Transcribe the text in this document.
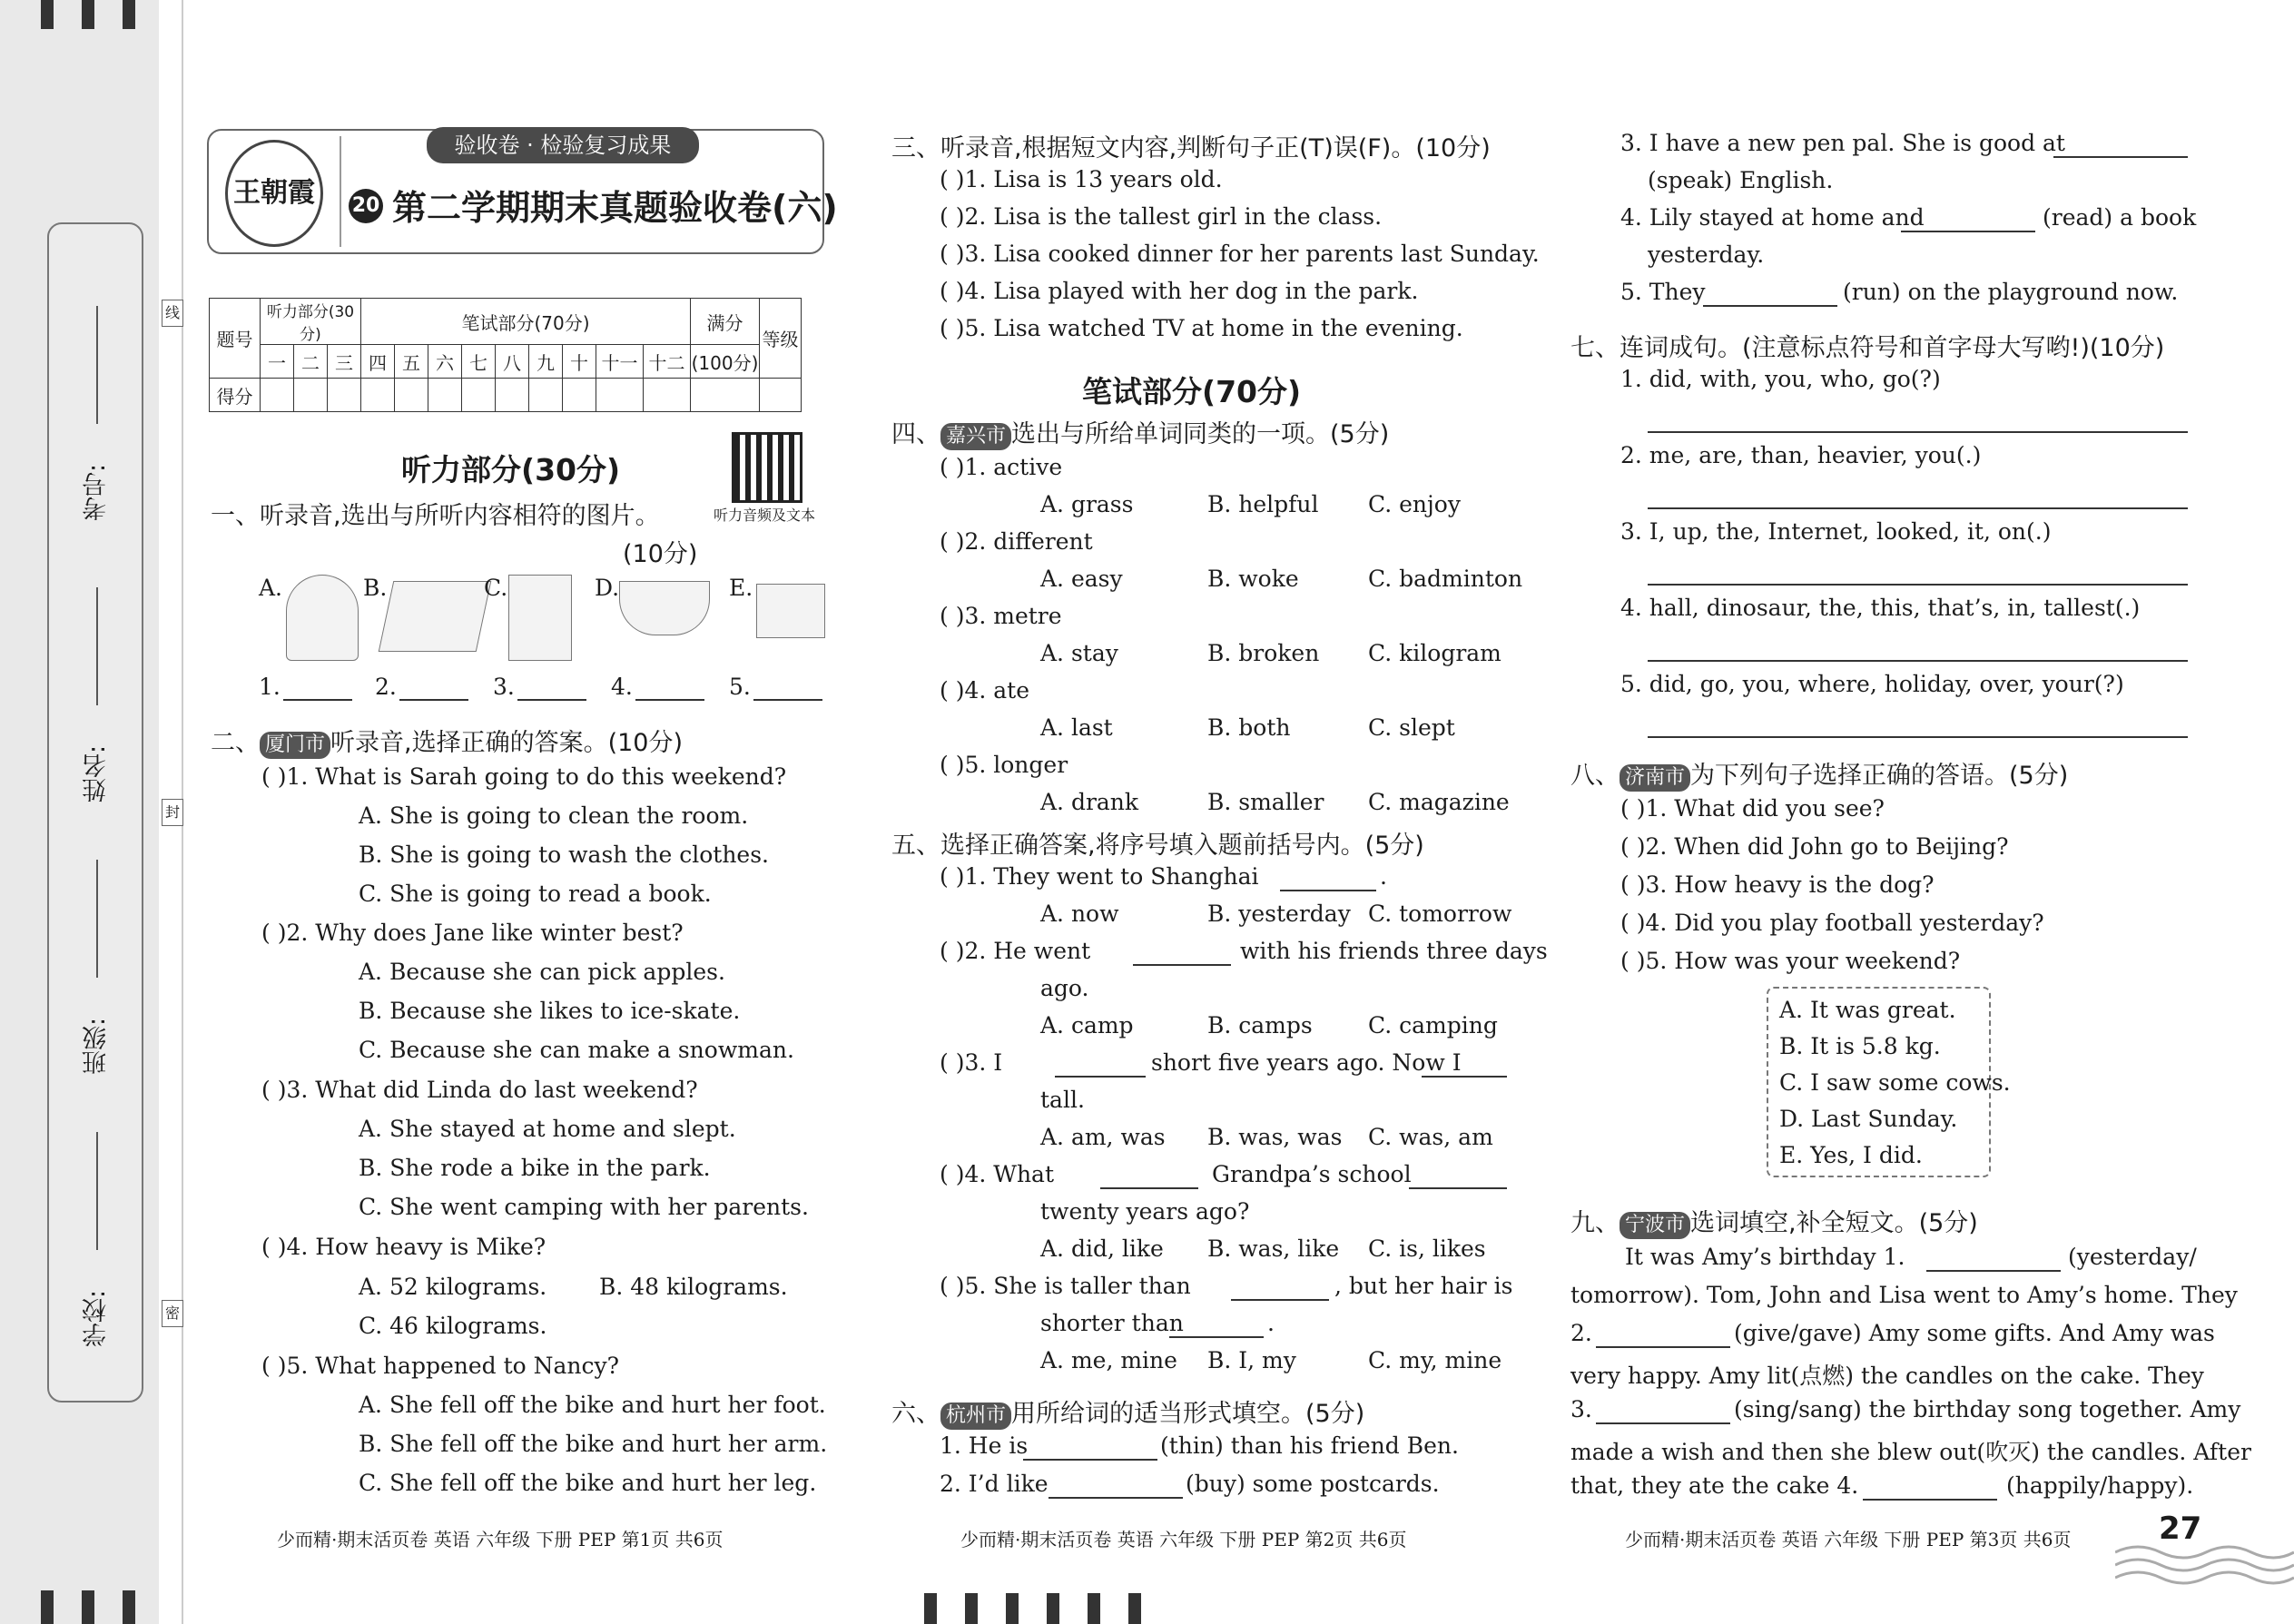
考号:
姓名:
班级:
学校:
线
封
密
验收卷 · 检验复习成果
王朝霞	20 第二学期期末真题验收卷(六)
题号	听力部分(30分)			笔试部分(70分)									满分	等级
	一	二	三	四	五	六	七	八	九	十	十一	十二	(100分)	
得分														
听力部分(30分)
听力音频及文本
一、听录音,选出与所听内容相符的图片。
(10分)
A.	B.	C.	D.	E.
1.	2.	3.	4.	5.
二、 厦门市 听录音,选择正确的答案。(10分)
( )1. What is Sarah going to do this weekend?
A. She is going to clean the room.
B. She is going to wash the clothes.
C. She is going to read a book.
( )2. Why does Jane like winter best?
A. Because she can pick apples.
B. Because she likes to ice-skate.
C. Because she can make a snowman.
( )3. What did Linda do last weekend?
A. She stayed at home and slept.
B. She rode a bike in the park.
C. She went camping with her parents.
( )4. How heavy is Mike?
A. 52 kilograms. B. 48 kilograms.
C. 46 kilograms.
( )5. What happened to Nancy?
A. She fell off the bike and hurt her foot.
B. She fell off the bike and hurt her arm.
C. She fell off the bike and hurt her leg.
少而精·期末活页卷 英语 六年级 下册 PEP 第1页 共6页
三、听录音,根据短文内容,判断句子正(T)误(F)。(10分)
( )1. Lisa is 13 years old.
( )2. Lisa is the tallest girl in the class.
( )3. Lisa cooked dinner for her parents last Sunday.
( )4. Lisa played with her dog in the park.
( )5. Lisa watched TV at home in the evening.
笔试部分(70分)
四、 嘉兴市 选出与所给单词同类的一项。(5分)
( )1. active
A. grass	B. helpful C. enjoy
( )2. different
A. easy	B. woke	C. badminton
( )3. metre
A. stay	B. broken C. kilogram
( )4. ate
A. last	B. both	C. slept
( )5. longer
A. drank	B. smaller C. magazine
五、选择正确答案,将序号填入题前括号内。(5分)
( )1. They went to Shanghai	.
A. now	B. yesterday C. tomorrow
( )2. He went	with his friends three days
ago.
A. camp	B. camps C. camping
( )3. I	short five years ago. Now I
tall.
A. am, was B. was, was C. was, am
( )4. What	Grandpa’s school
twenty years ago?
A. did, like B. was, like C. is, likes
( )5. She is taller than	, but her hair is
shorter than	.
A. me, mine B. I, my	C. my, mine
六、 杭州市 用所给词的适当形式填空。(5分)
1. He is	(thin) than his friend Ben.
2. I’d like	(buy) some postcards.
少而精·期末活页卷 英语 六年级 下册 PEP 第2页 共6页
3. I have a new pen pal. She is good at
(speak) English.
4. Lily stayed at home and	(read) a book
yesterday.
5. They	(run) on the playground now.
七、连词成句。(注意标点符号和首字母大写哟!)(10分)
1. did, with, you, who, go(?)
2. me, are, than, heavier, you(.)
3. I, up, the, Internet, looked, it, on(.)
4. hall, dinosaur, the, this, that’s, in, tallest(.)
5. did, go, you, where, holiday, over, your(?)
八、 济南市 为下列句子选择正确的答语。(5分)
( )1. What did you see?
( )2. When did John go to Beijing?
( )3. How heavy is the dog?
( )4. Did you play football yesterday?
( )5. How was your weekend?
A. It was great.
B. It is 5.8 kg.
C. I saw some cows.
D. Last Sunday.
E. Yes, I did.
九、 宁波市 选词填空,补全短文。(5分)
It was Amy’s birthday 1.	(yesterday/
tomorrow). Tom, John and Lisa went to Amy’s home. They
2.	(give/gave) Amy some gifts. And Amy was
very happy. Amy lit(点燃) the candles on the cake. They
3.	(sing/sang) the birthday song together. Amy
made a wish and then she blew out(吹灭) the candles. After
that, they ate the cake 4.	(happily/happy).
少而精·期末活页卷 英语 六年级 下册 PEP 第3页 共6页	27
